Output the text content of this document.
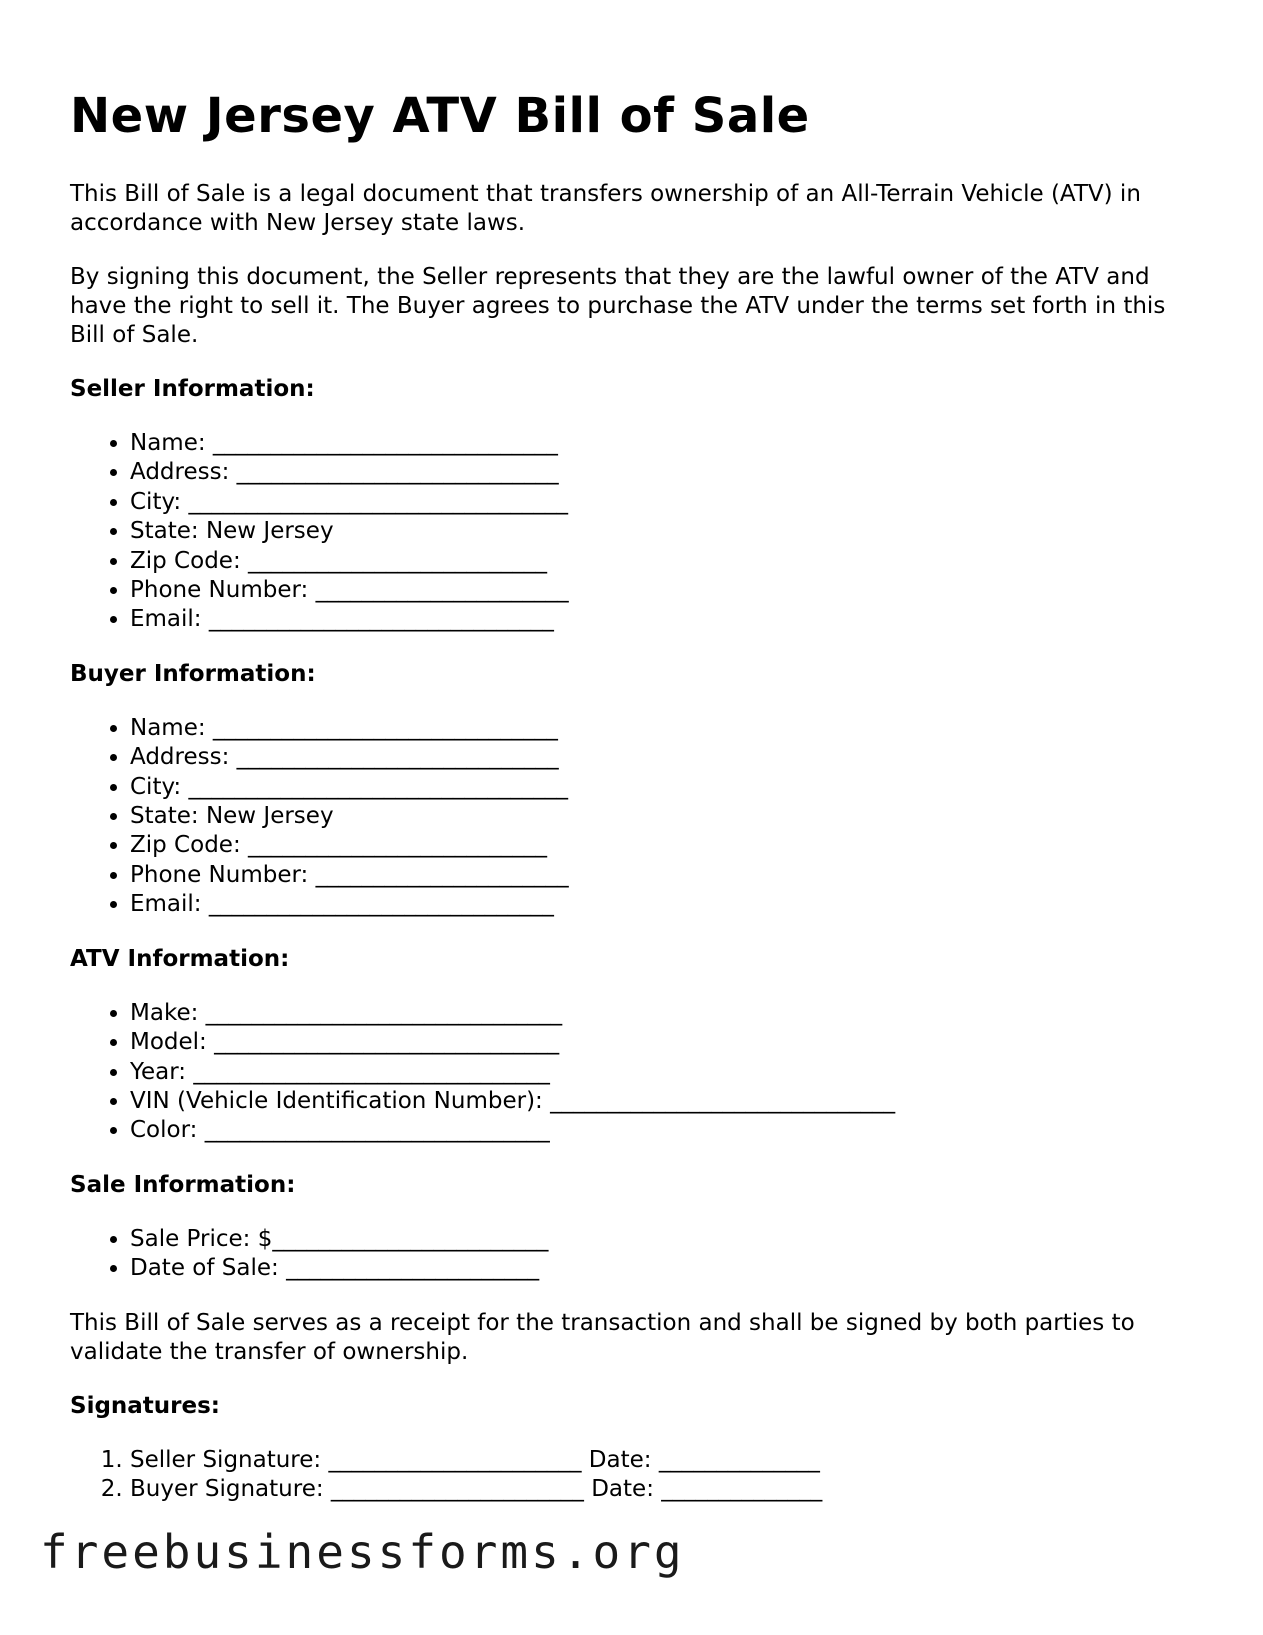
New Jersey ATV Bill of Sale

This Bill of Sale is a legal document that transfers ownership of an All-Terrain Vehicle (ATV) in accordance with New Jersey state laws.

By signing this document, the Seller represents that they are the lawful owner of the ATV and have the right to sell it. The Buyer agrees to purchase the ATV under the terms set forth in this Bill of Sale.

Seller Information:
• Name: ______________________________
• Address: ____________________________
• City: _________________________________
• State: New Jersey
• Zip Code: __________________________
• Phone Number: ______________________
• Email: ______________________________
Buyer Information:
• Name: ______________________________
• Address: ____________________________
• City: _________________________________
• State: New Jersey
• Zip Code: __________________________
• Phone Number: ______________________
• Email: ______________________________
ATV Information:
• Make: _______________________________
• Model: ______________________________
• Year: _______________________________
• VIN (Vehicle Identification Number): ______________________________
• Color: ______________________________
Sale Information:
• Sale Price: $________________________
• Date of Sale: ______________________

This Bill of Sale serves as a receipt for the transaction and shall be signed by both parties to validate the transfer of ownership.

Signatures:
1. Seller Signature: ______________________ Date: ______________
2. Buyer Signature: ______________________ Date: ______________
freebusinessforms.org
